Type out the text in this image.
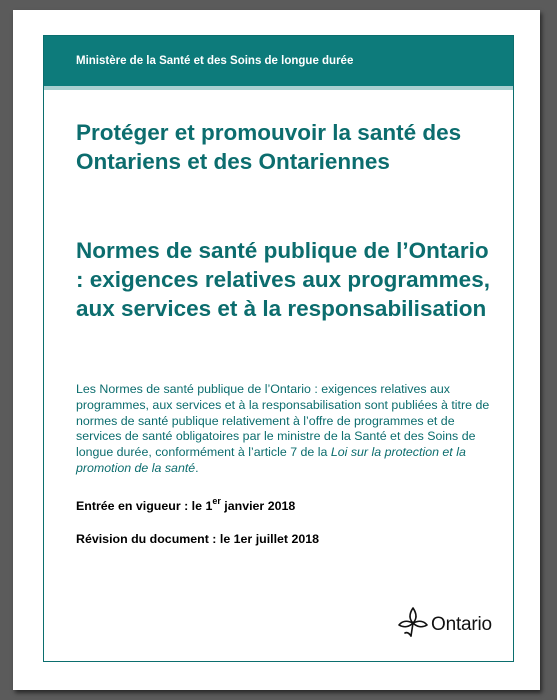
Ministère de la Santé et des Soins de longue durée
Protéger et promouvoir la santé des Ontariens et des Ontariennes
Normes de santé publique de l’Ontario : exigences relatives aux programmes, aux services et à la responsabilisation

Les Normes de santé publique de l’Ontario : exigences relatives aux programmes, aux services et à la responsabilisation sont publiées à titre de normes de santé publique relativement à l’offre de programmes et de services de santé obligatoires par le ministre de la Santé et des Soins de longue durée, conformément à l’article 7 de la Loi sur la protection et la promotion de la santé.

Entrée en vigueur : le 1er janvier 2018

Révision du document : le 1er juillet 2018

Ontario
